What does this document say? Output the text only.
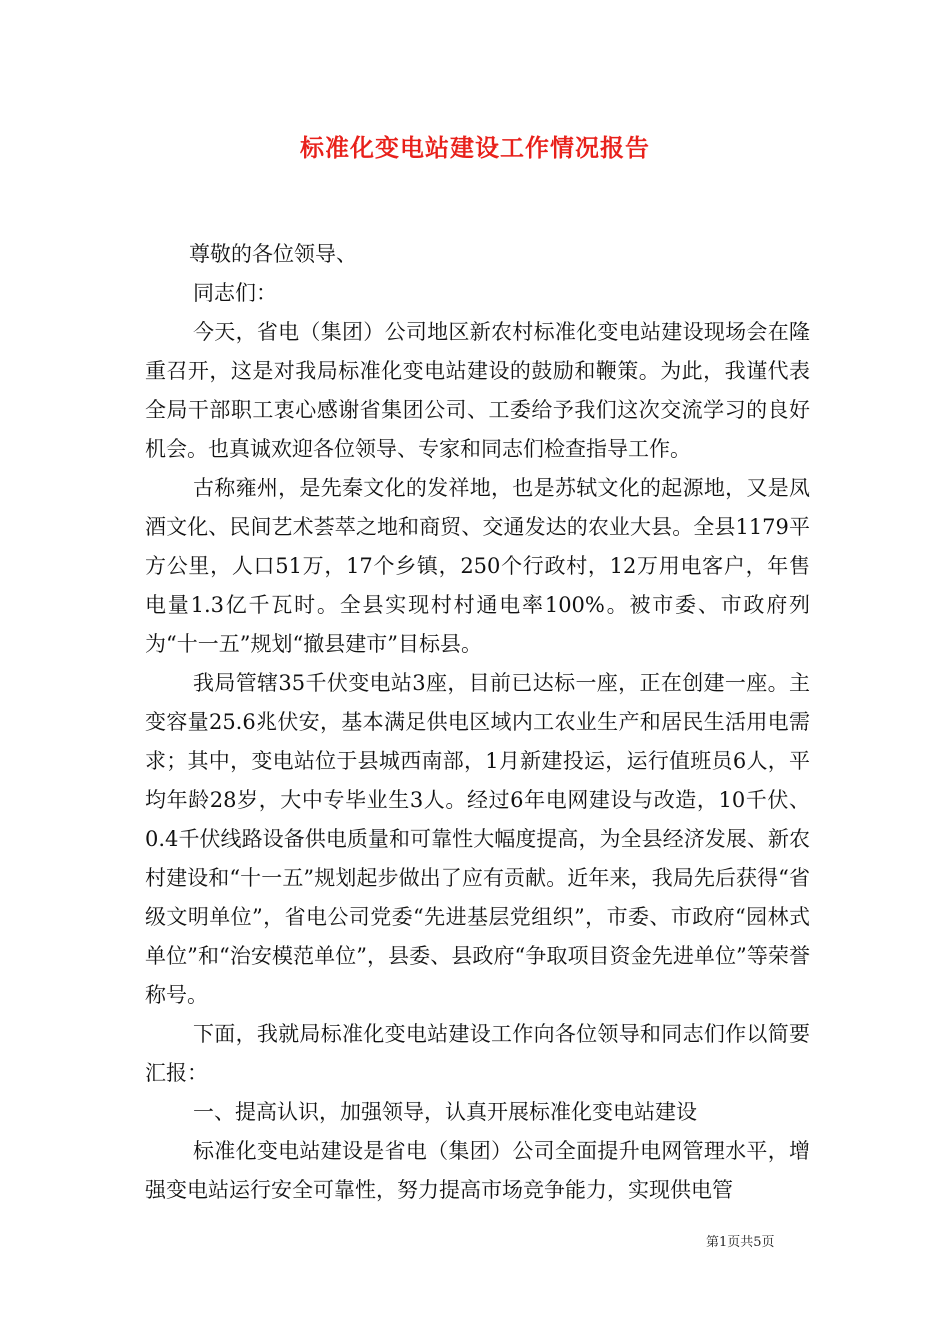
标准化变电站建设工作情况报告

尊敬的各位领导、

同志们：

今天，省电（集团）公司地区新农村标准化变电站建设现场会在隆重召开，这是对我局标准化变电站建设的鼓励和鞭策。为此，我谨代表全局干部职工衷心感谢省集团公司、工委给予我们这次交流学习的良好机会。也真诚欢迎各位领导、专家和同志们检查指导工作。

古称雍州，是先秦文化的发祥地，也是苏轼文化的起源地，又是凤酒文化、民间艺术荟萃之地和商贸、交通发达的农业大县。全县1179平方公里，人口51万，17个乡镇，250个行政村，12万用电客户，年售电量1.3亿千瓦时。全县实现村村通电率100%。被市委、市政府列为“十一五”规划“撤县建市”目标县。

我局管辖35千伏变电站3座，目前已达标一座，正在创建一座。主变容量25.6兆伏安，基本满足供电区域内工农业生产和居民生活用电需求；其中，变电站位于县城西南部，1月新建投运，运行值班员6人，平均年龄28岁，大中专毕业生3人。经过6年电网建设与改造，10千伏、0.4千伏线路设备供电质量和可靠性大幅度提高，为全县经济发展、新农村建设和“十一五”规划起步做出了应有贡献。近年来，我局先后获得“省级文明单位”，省电公司党委“先进基层党组织”，市委、市政府“园林式单位”和“治安模范单位”，县委、县政府“争取项目资金先进单位”等荣誉称号。

下面，我就局标准化变电站建设工作向各位领导和同志们作以简要汇报：

一、提高认识，加强领导，认真开展标准化变电站建设

标准化变电站建设是省电（集团）公司全面提升电网管理水平，增强变电站运行安全可靠性，努力提高市场竞争能力，实现供电管

第1页共5页
